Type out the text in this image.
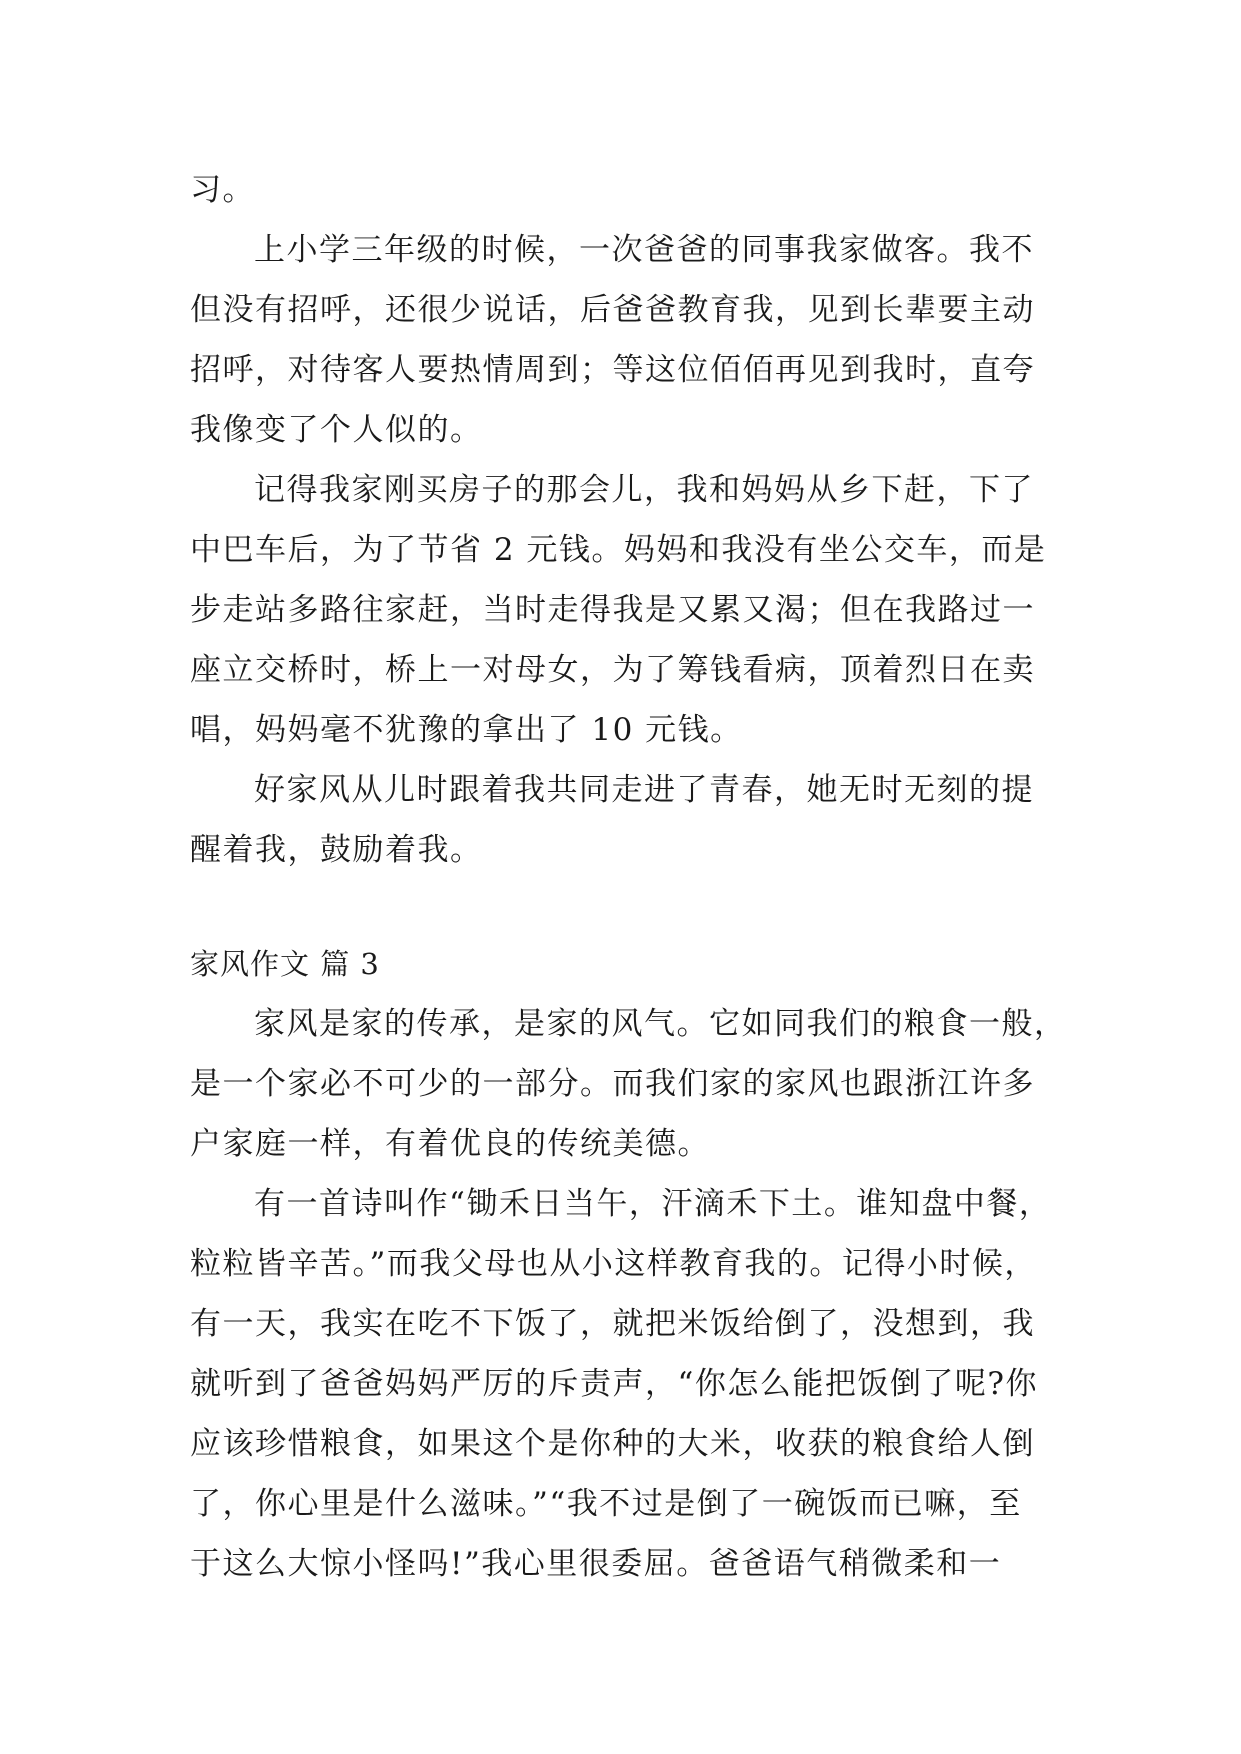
习。
上小学三年级的时候，一次爸爸的同事我家做客。我不
但没有招呼，还很少说话，后爸爸教育我，见到长辈要主动
招呼，对待客人要热情周到；等这位佰佰再见到我时，直夸
我像变了个人似的。
记得我家刚买房子的那会儿，我和妈妈从乡下赶，下了
中巴车后，为了节省 2 元钱。妈妈和我没有坐公交车，而是
步走站多路往家赶，当时走得我是又累又渴；但在我路过一
座立交桥时，桥上一对母女，为了筹钱看病，顶着烈日在卖
唱，妈妈毫不犹豫的拿出了 10 元钱。
好家风从儿时跟着我共同走进了青春，她无时无刻的提
醒着我，鼓励着我。
家风作文 篇 3
家风是家的传承，是家的风气。它如同我们的粮食一般，
是一个家必不可少的一部分。而我们家的家风也跟浙江许多
户家庭一样，有着优良的传统美德。
有一首诗叫作“锄禾日当午，汗滴禾下土。谁知盘中餐，
粒粒皆辛苦。”而我父母也从小这样教育我的。记得小时候，
有一天，我实在吃不下饭了，就把米饭给倒了，没想到，我
就听到了爸爸妈妈严厉的斥责声，“你怎么能把饭倒了呢?你
应该珍惜粮食，如果这个是你种的大米，收获的粮食给人倒
了，你心里是什么滋味。”“我不过是倒了一碗饭而已嘛，至
于这么大惊小怪吗!”我心里很委屈。爸爸语气稍微柔和一
